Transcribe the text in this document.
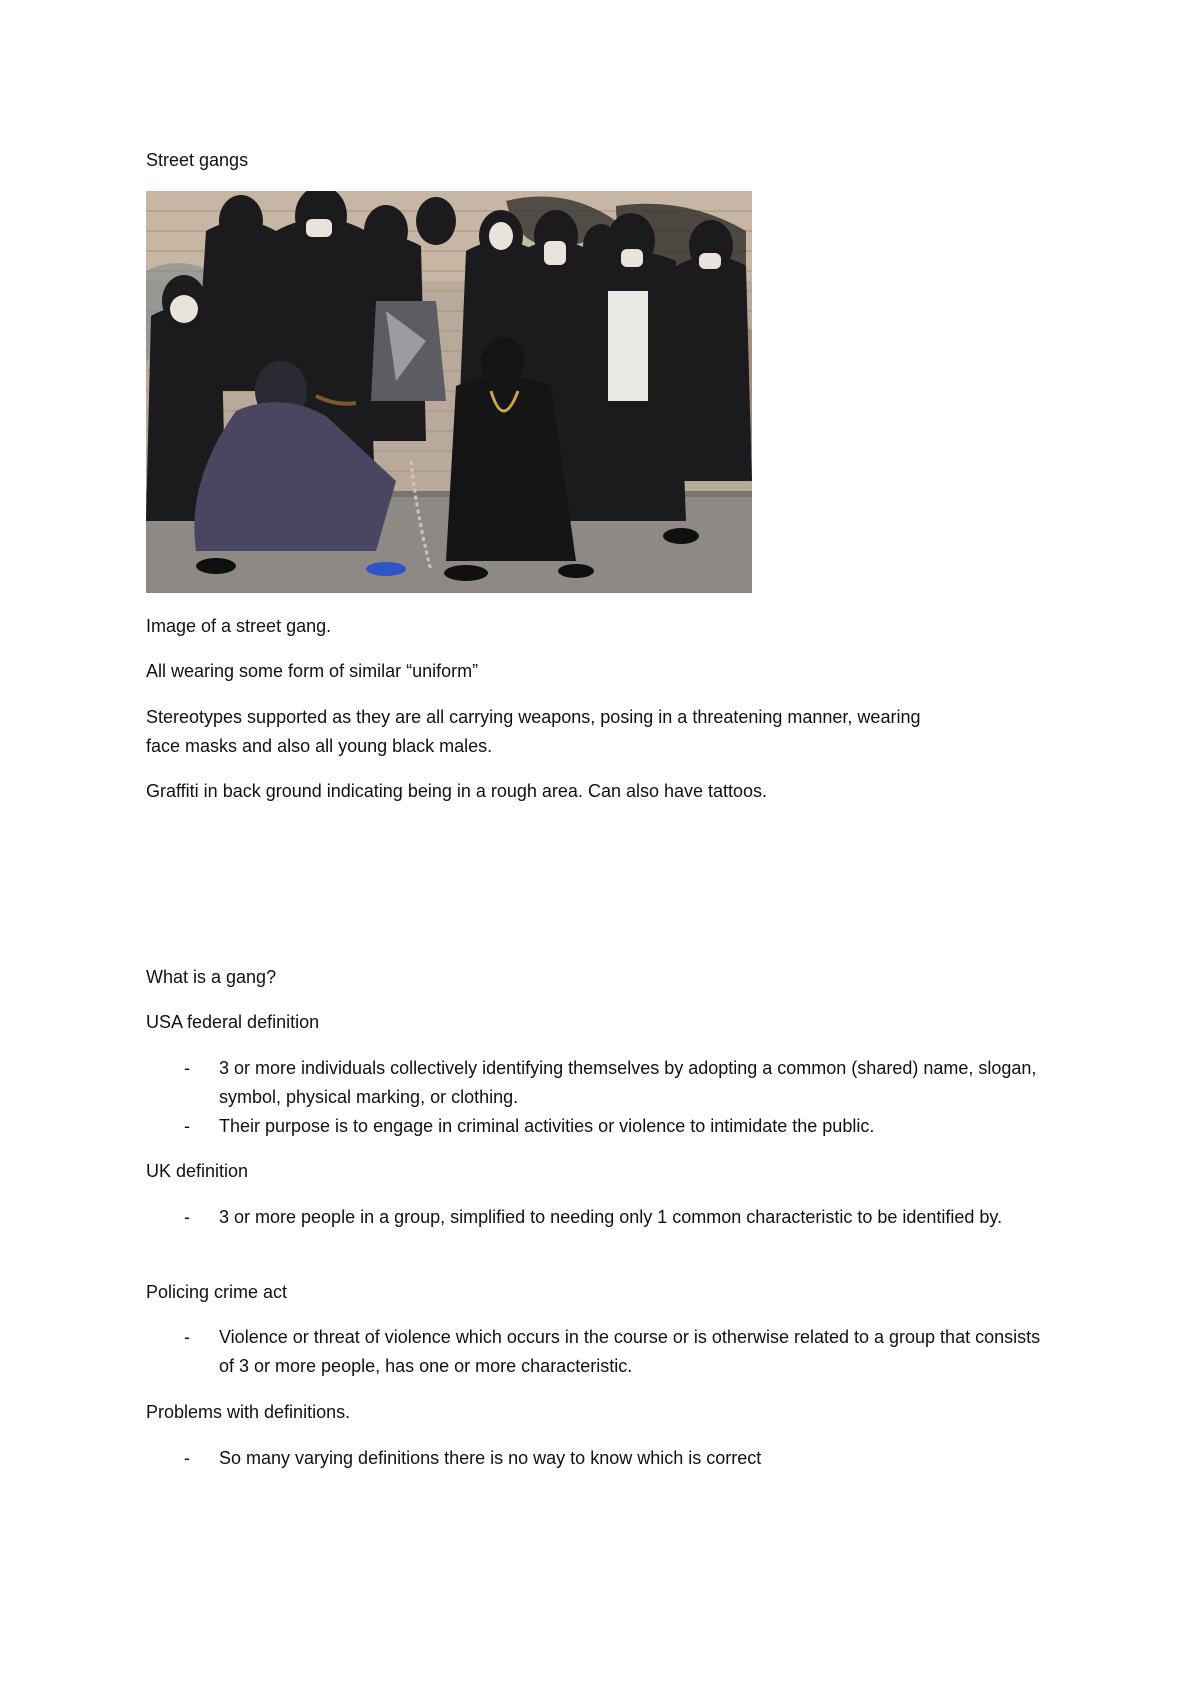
Street gangs
Image of a street gang.
All wearing some form of similar “uniform”
Stereotypes supported as they are all carrying weapons, posing in a threatening manner, wearing
face masks and also all young black males.
Graffiti in back ground indicating being in a rough area. Can also have tattoos.
What is a gang?
USA federal definition
- 3 or more individuals collectively identifying themselves by adopting a common (shared) name, slogan, symbol, physical marking, or clothing.
- Their purpose is to engage in criminal activities or violence to intimidate the public.
UK definition
- 3 or more people in a group, simplified to needing only 1 common characteristic to be identified by.
Policing crime act
- Violence or threat of violence which occurs in the course or is otherwise related to a group that consists of 3 or more people, has one or more characteristic.
Problems with definitions.
- So many varying definitions there is no way to know which is correct
